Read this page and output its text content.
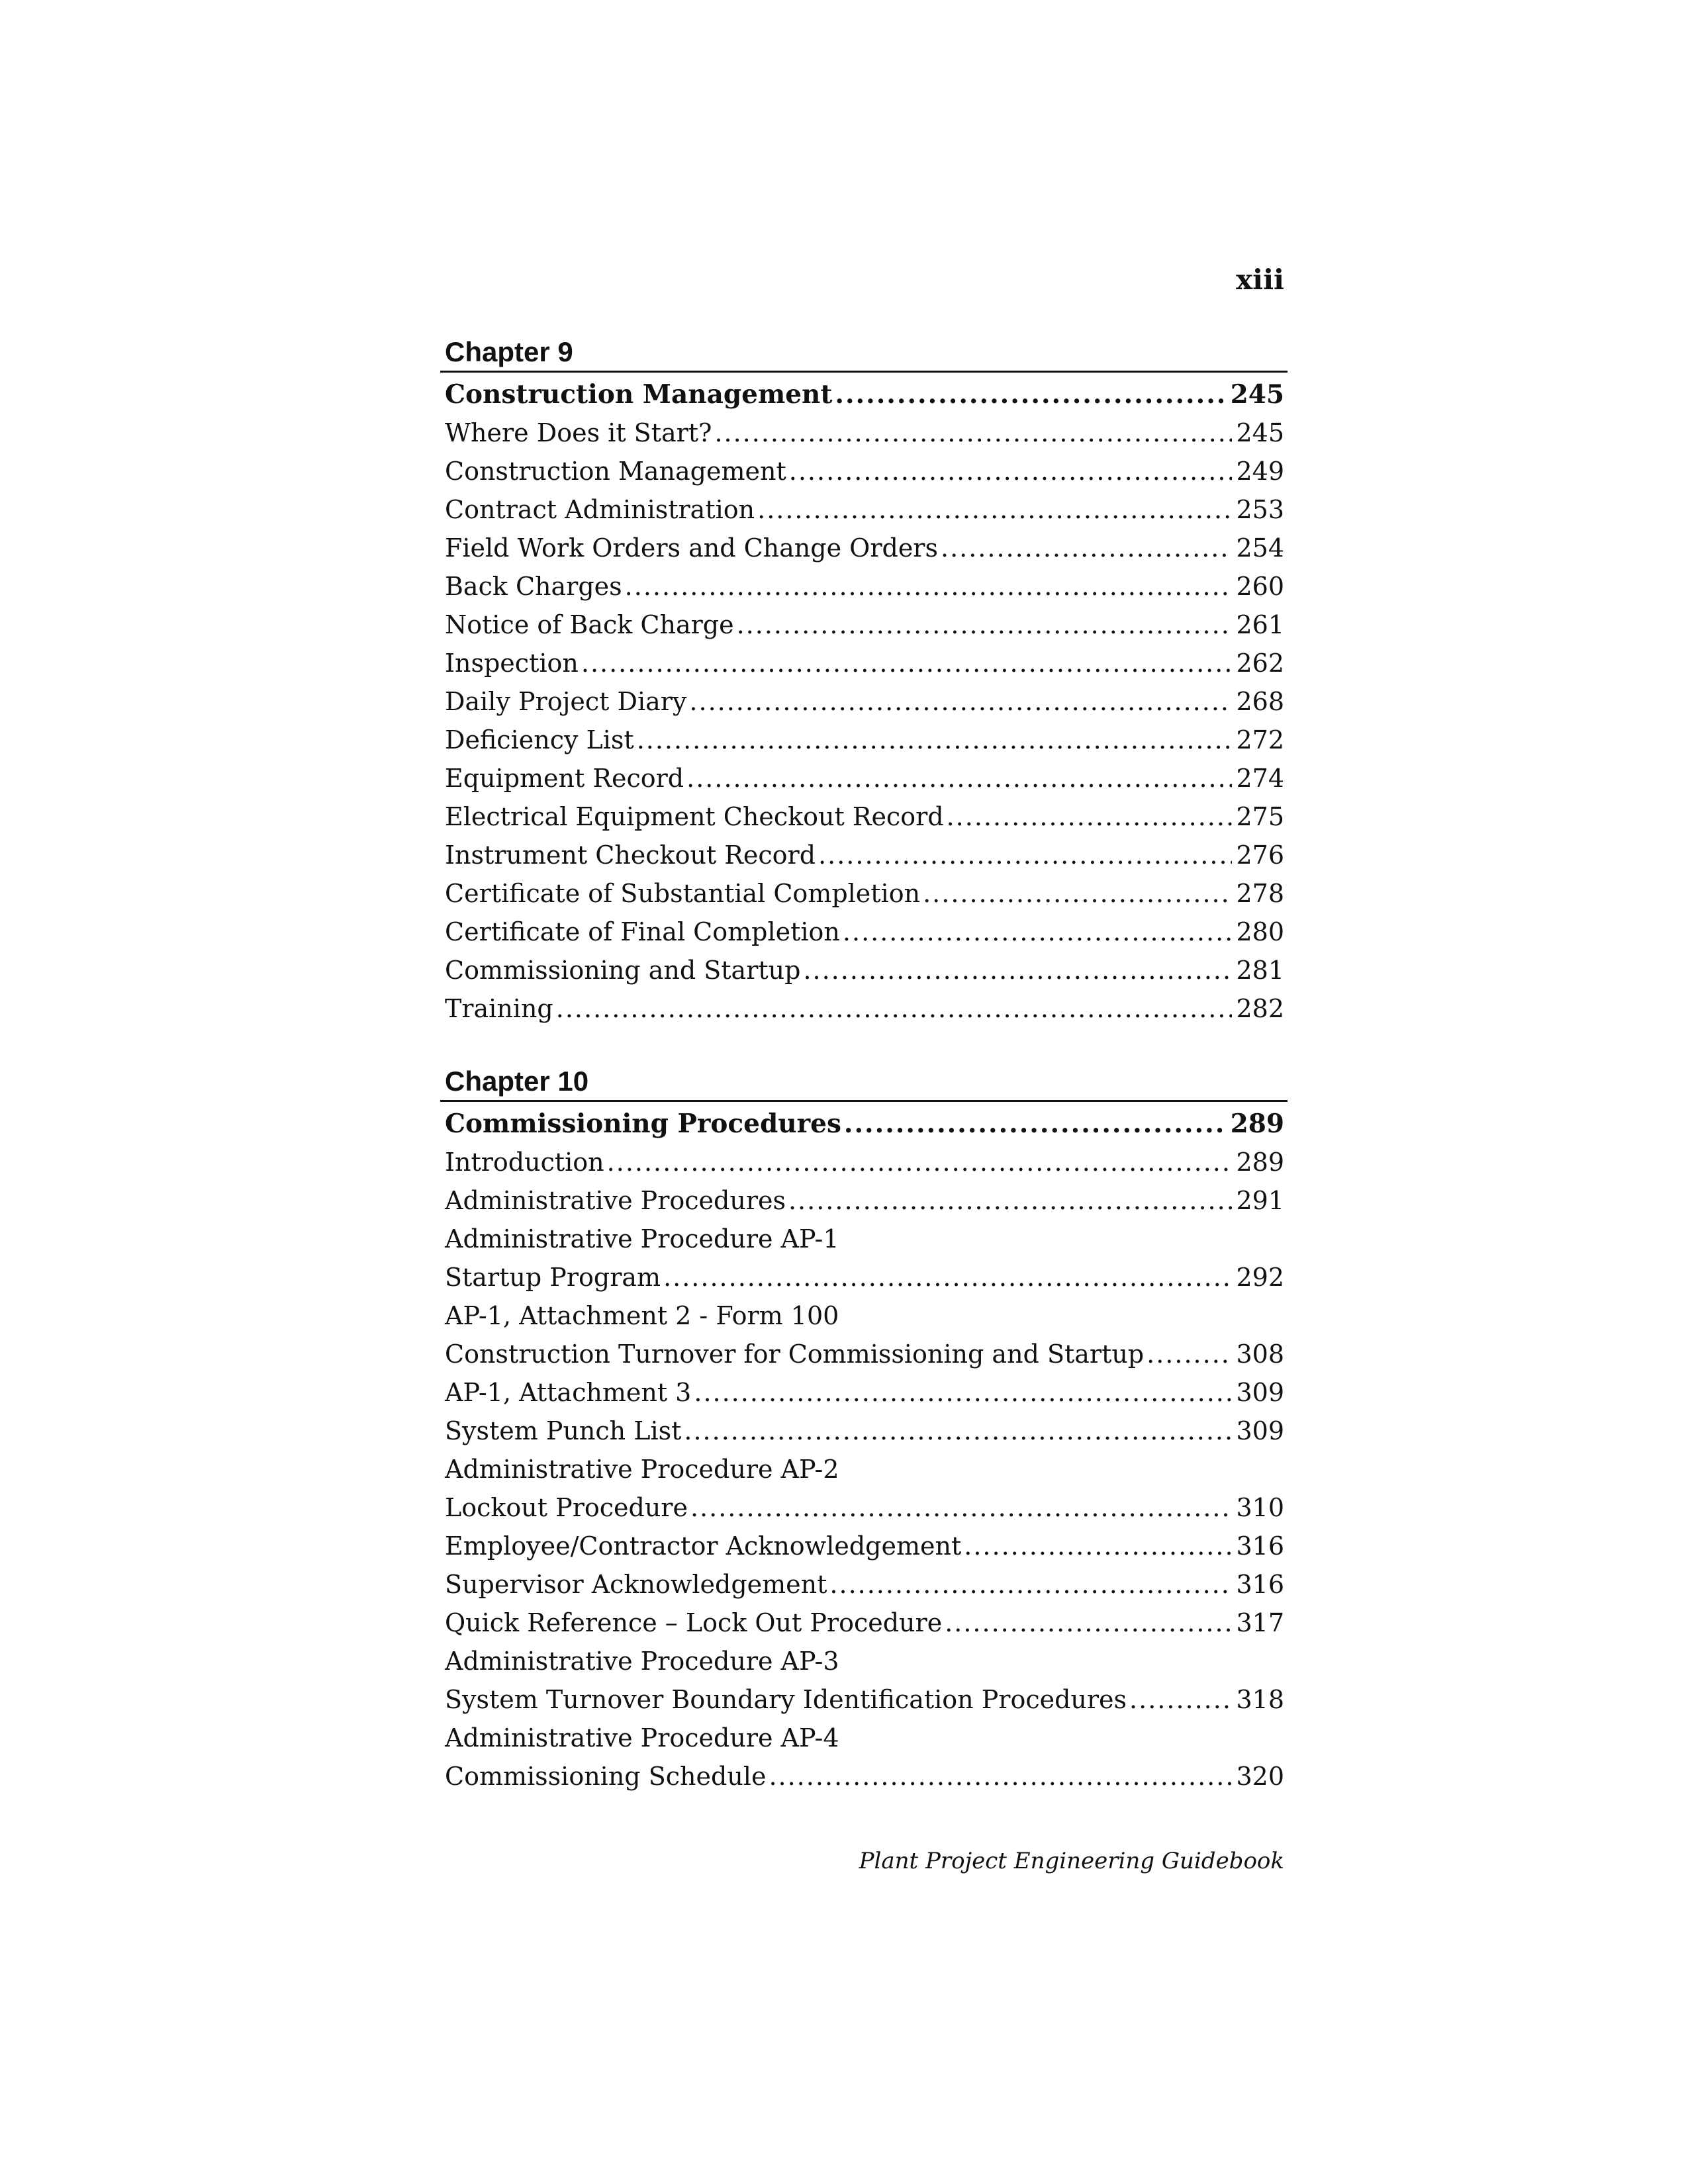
xiii
Chapter 9
Construction Management .....	245
Where Does it Start? .....	245
Construction Management .....	249
Contract Administration .....	253
Field Work Orders and Change Orders .....	254
Back Charges .....	260
Notice of Back Charge .....	261
Inspection .....	262
Daily Project Diary .....	268
Deficiency List .....	272
Equipment Record .....	274
Electrical Equipment Checkout Record .....	275
Instrument Checkout Record .....	276
Certificate of Substantial Completion .....	278
Certificate of Final Completion .....	280
Commissioning and Startup .....	281
Training .....	282
Chapter 10
Commissioning Procedures .....	289
Introduction .....	289
Administrative Procedures .....	291
Administrative Procedure AP-1
Startup Program .....	292
AP-1, Attachment 2 - Form 100
Construction Turnover for Commissioning and Startup .....	308
AP-1, Attachment 3 .....	309
System Punch List .....	309
Administrative Procedure AP-2
Lockout Procedure .....	310
Employee/Contractor Acknowledgement .....	316
Supervisor Acknowledgement .....	316
Quick Reference – Lock Out Procedure .....	317
Administrative Procedure AP-3
System Turnover Boundary Identification Procedures .....	318
Administrative Procedure AP-4
Commissioning Schedule .....	320
Plant Project Engineering Guidebook
